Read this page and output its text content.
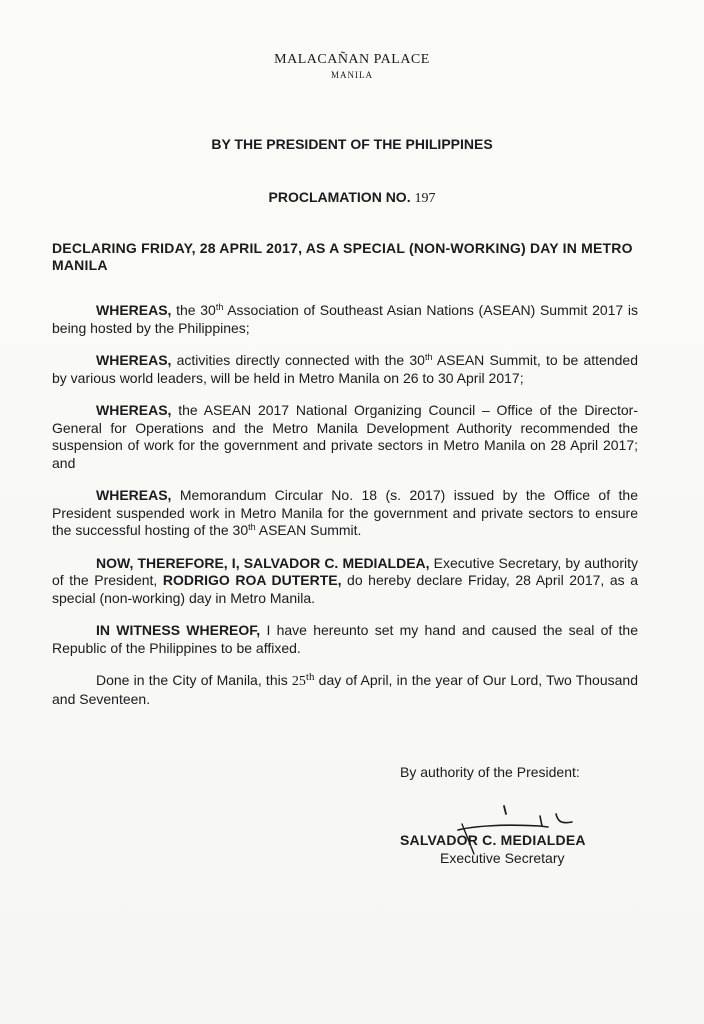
MALACAÑAN PALACE
MANILA
BY THE PRESIDENT OF THE PHILIPPINES
PROCLAMATION NO. 197
DECLARING FRIDAY, 28 APRIL 2017, AS A SPECIAL (NON-WORKING) DAY IN METRO MANILA

WHEREAS, the 30th Association of Southeast Asian Nations (ASEAN) Summit 2017 is being hosted by the Philippines;

WHEREAS, activities directly connected with the 30th ASEAN Summit, to be attended by various world leaders, will be held in Metro Manila on 26 to 30 April 2017;

WHEREAS, the ASEAN 2017 National Organizing Council – Office of the Director-General for Operations and the Metro Manila Development Authority recommended the suspension of work for the government and private sectors in Metro Manila on 28 April 2017; and

WHEREAS, Memorandum Circular No. 18 (s. 2017) issued by the Office of the President suspended work in Metro Manila for the government and private sectors to ensure the successful hosting of the 30th ASEAN Summit.

NOW, THEREFORE, I, SALVADOR C. MEDIALDEA, Executive Secretary, by authority of the President, RODRIGO ROA DUTERTE, do hereby declare Friday, 28 April 2017, as a special (non-working) day in Metro Manila.

IN WITNESS WHEREOF, I have hereunto set my hand and caused the seal of the Republic of the Philippines to be affixed.

Done in the City of Manila, this 25th day of April, in the year of Our Lord, Two Thousand and Seventeen.

By authority of the President:
SALVADOR C. MEDIALDEA
Executive Secretary
